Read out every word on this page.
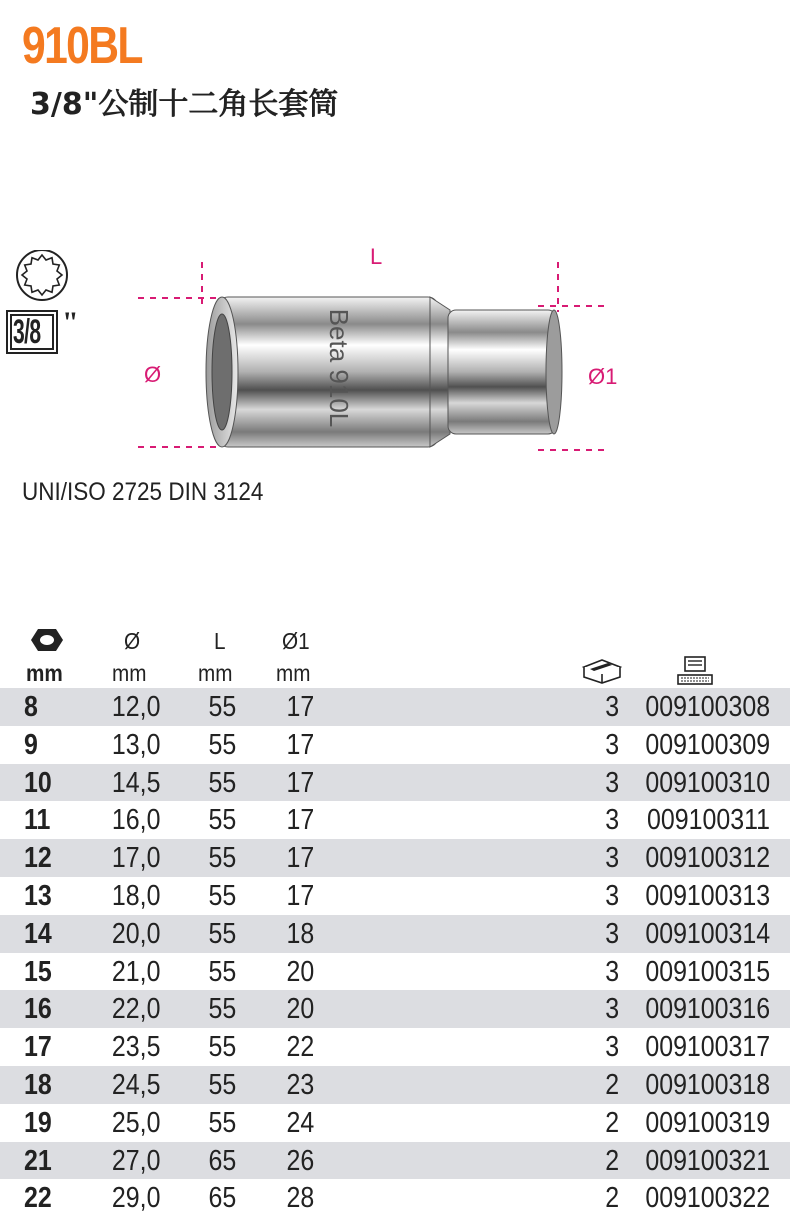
910BL
3/8"公制十二角长套筒
3/8 "	Beta 910L
L
Ø	Ø1
UNI/ISO 2725 DIN 3124
mm
Ø
mm
L
mm
Ø1
mm
8	12,0 55 17	3 009100308
9	13,0 55 17	3 009100309
10 14,5 55 17	3 009100310
11 16,0 55 17	3 009100311
12 17,0 55 17	3 009100312
13 18,0 55 17	3 009100313
14 20,0 55 18	3 009100314
15 21,0 55 20	3 009100315
16 22,0 55 20	3 009100316
17 23,5 55 22	3 009100317
18 24,5 55 23	2 009100318
19 25,0 55 24	2 009100319
21 27,0 65 26	2 009100321
22 29,0 65 28	2 009100322
